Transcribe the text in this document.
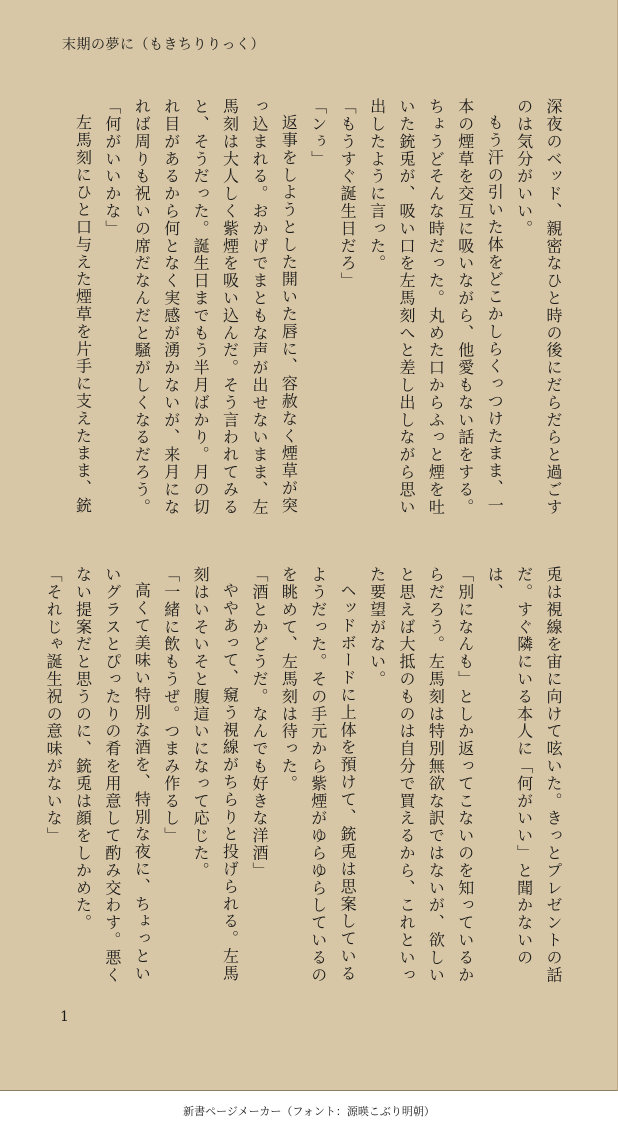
末期の夢に（もきちりりっく）

深夜のベッド、親密なひと時の後にだらだらと過ごすのは気分がいい。

もう汗の引いた体をどこかしらくっつけたまま、一本の煙草を交互に吸いながら、他愛もない話をする。ちょうどそんな時だった。丸めた口からふっと煙を吐いた銃兎が、吸い口を左馬刻へと差し出しながら思い出したように言った。

「もうすぐ誕生日だろ」

「ンぅ」

返事をしようとした開いた唇に、容赦なく煙草が突っ込まれる。おかげでまともな声が出せないまま、左馬刻は大人しく紫煙を吸い込んだ。そう言われてみると、そうだった。誕生日までもう半月ばかり。月の切れ目があるから何となく実感が湧かないが、来月になれば周りも祝いの席だなんだと騒がしくなるだろう。

「何がいいかな」

左馬刻にひと口与えた煙草を片手に支えたまま、銃

兎は視線を宙に向けて呟いた。きっとプレゼントの話だ。すぐ隣にいる本人に「何がいい」と聞かないのは、

「別になんも」としか返ってこないのを知っているからだろう。左馬刻は特別無欲な訳ではないが、欲しいと思えば大抵のものは自分で買えるから、これといった要望がない。

ヘッドボードに上体を預けて、銃兎は思案しているようだった。その手元から紫煙がゆらゆらしているのを眺めて、左馬刻は待った。

「酒とかどうだ。なんでも好きな洋酒」

ややあって、窺う視線がちらりと投げられる。左馬刻はいそいそと腹這いになって応じた。

「一緒に飲もうぜ。つまみ作るし」

高くて美味い特別な酒を、特別な夜に、ちょっといいグラスとぴったりの肴を用意して酌み交わす。悪くない提案だと思うのに、銃兎は顔をしかめた。

「それじゃ誕生祝の意味がないな」

1
新書ページメーカー（フォント：源暎こぶり明朝）
